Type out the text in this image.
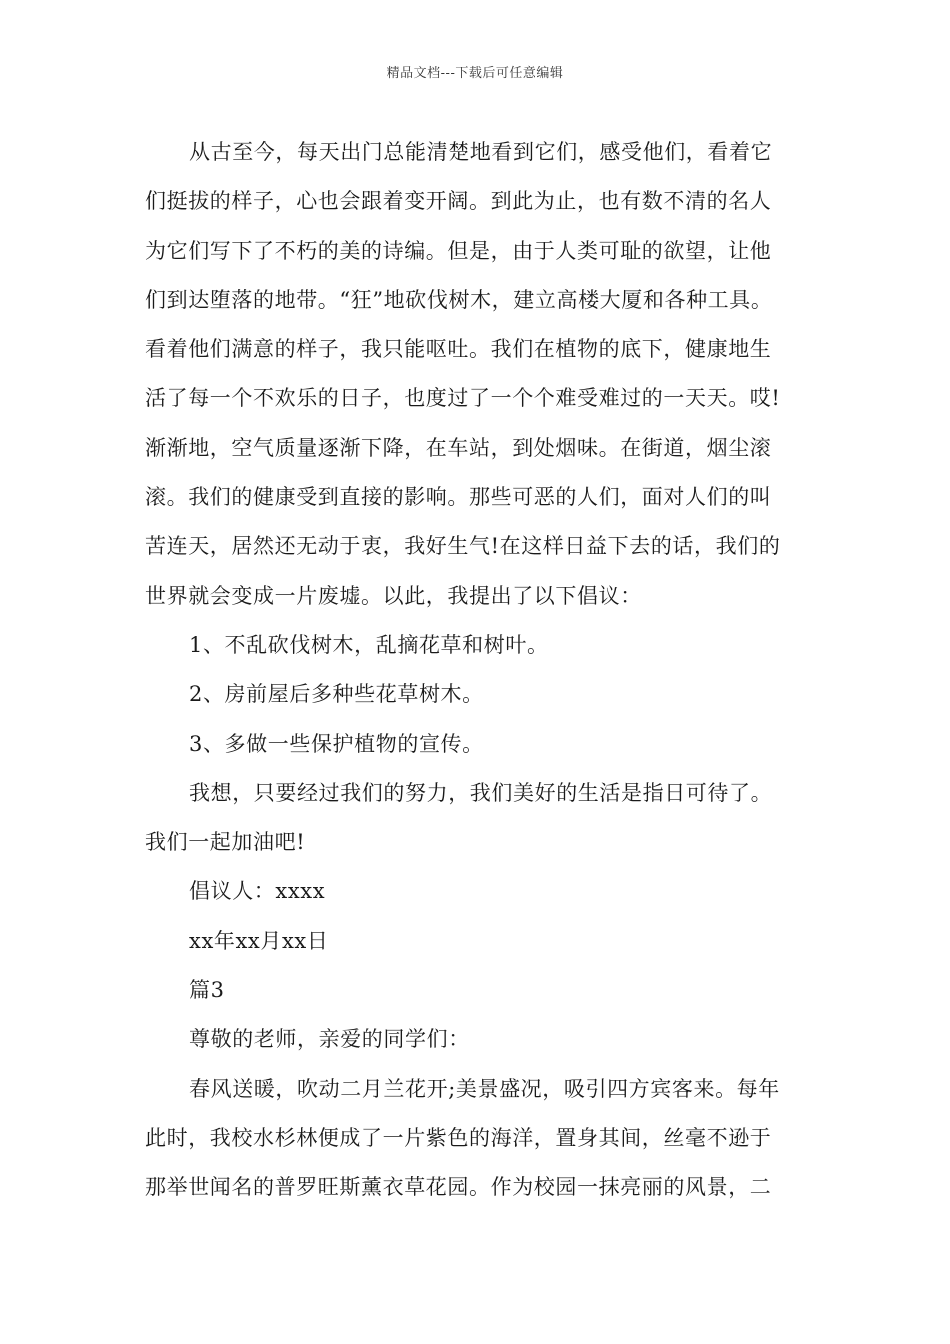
精品文档---下载后可任意编辑
从古至今，每天出门总能清楚地看到它们，感受他们，看着它
们挺拔的样子，心也会跟着变开阔。到此为止，也有数不清的名人
为它们写下了不朽的美的诗编。但是，由于人类可耻的欲望，让他
们到达堕落的地带。“狂”地砍伐树木，建立高楼大厦和各种工具。
看着他们满意的样子，我只能呕吐。我们在植物的底下，健康地生
活了每一个不欢乐的日子，也度过了一个个难受难过的一天天。哎!
渐渐地，空气质量逐渐下降，在车站，到处烟味。在街道，烟尘滚
滚。我们的健康受到直接的影响。那些可恶的人们，面对人们的叫
苦连天，居然还无动于衷，我好生气!在这样日益下去的话，我们的
世界就会变成一片废墟。以此，我提出了以下倡议：
1、不乱砍伐树木，乱摘花草和树叶。
2、房前屋后多种些花草树木。
3、多做一些保护植物的宣传。
我想，只要经过我们的努力，我们美好的生活是指日可待了。
我们一起加油吧!
倡议人：xxxx
xx年xx月xx日
篇3
尊敬的老师，亲爱的同学们：
春风送暖，吹动二月兰花开;美景盛况，吸引四方宾客来。每年
此时，我校水杉林便成了一片紫色的海洋，置身其间，丝毫不逊于
那举世闻名的普罗旺斯薰衣草花园。作为校园一抹亮丽的风景，二
